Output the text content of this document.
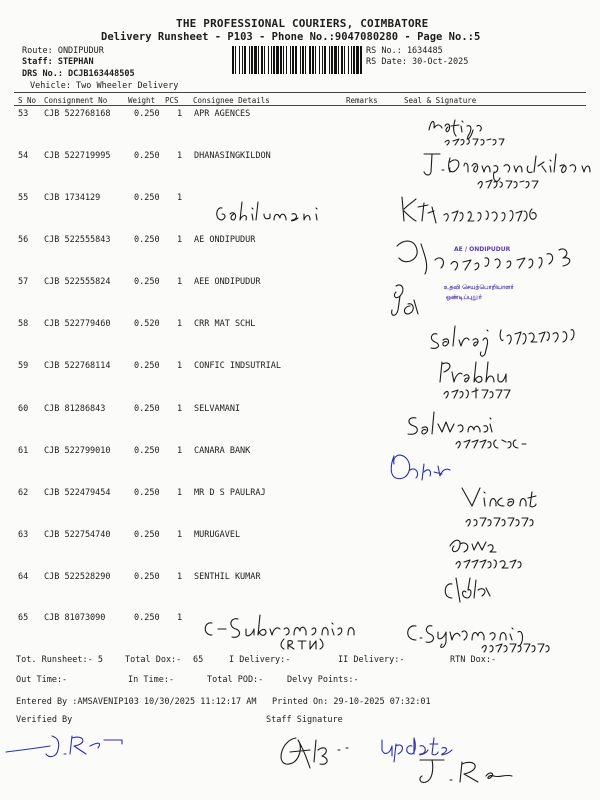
THE PROFESSIONAL COURIERS, COIMBATORE
Delivery Runsheet - P103 - Phone No.:9047080280 - Page No.:5
Route: ONDIPUDUR
Staff: STEPHAN
DRS No.: DCJB163448505
Vehicle: Two Wheeler Delivery
RS No.: 1634485
RS Date: 30-Oct-2025
S No Consignment No	Weight PCS Consignee Details	Remarks	Seal & Signature
53 CJB 522768168	0.250 1 APR AGENCES
54 CJB 522719995	0.250 1 DHANASINGKILDON
55 CJB 1734129	0.250 1
56 CJB 522555843	0.250 1 AE ONDIPUDUR
57 CJB 522555824	0.250 1 AEE ONDIPUDUR
58 CJB 522779460	0.520 1 CRR MAT SCHL
59 CJB 522768114	0.250 1 CONFIC INDSUTRIAL
60 CJB 81286843	0.250 1 SELVAMANI
61 CJB 522799010	0.250 1 CANARA BANK
62 CJB 522479454	0.250 1 MR D S PAULRAJ
63 CJB 522754740	0.250 1 MURUGAVEL
64 CJB 522528290	0.250 1 SENTHIL KUMAR
65 CJB 81073090	0.250 1
AE / ONDIPUDUR
உதவி செயற்பொறியாளர்
ஒண்டிப்புதூர்
Tot. Runsheet:- 5	Total Dox:- 65	I Delivery:-	II Delivery:-	RTN Dox:-
Out Time:-	In Time:-	Total POD:-	Delvy Points:-
Entered By :AMSAVENIP103 10/30/2025 11:12:17 AM Printed On: 29-10-2025 07:32:01
Verified By	Staff Signature
